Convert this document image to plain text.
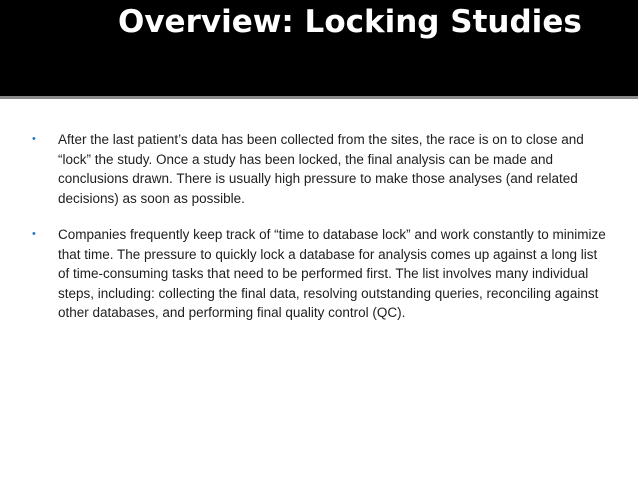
Overview: Locking Studies
• After the last patient’s data has been collected from the sites, the race is on to close and “lock” the study. Once a study has been locked, the final analysis can be made and conclusions drawn. There is usually high pressure to make those analyses (and related decisions) as soon as possible.
• Companies frequently keep track of “time to database lock” and work constantly to minimize that time. The pressure to quickly lock a database for analysis comes up against a long list of time-consuming tasks that need to be performed first. The list involves many individual steps, including: collecting the final data, resolving outstanding queries, reconciling against other databases, and performing final quality control (QC).
